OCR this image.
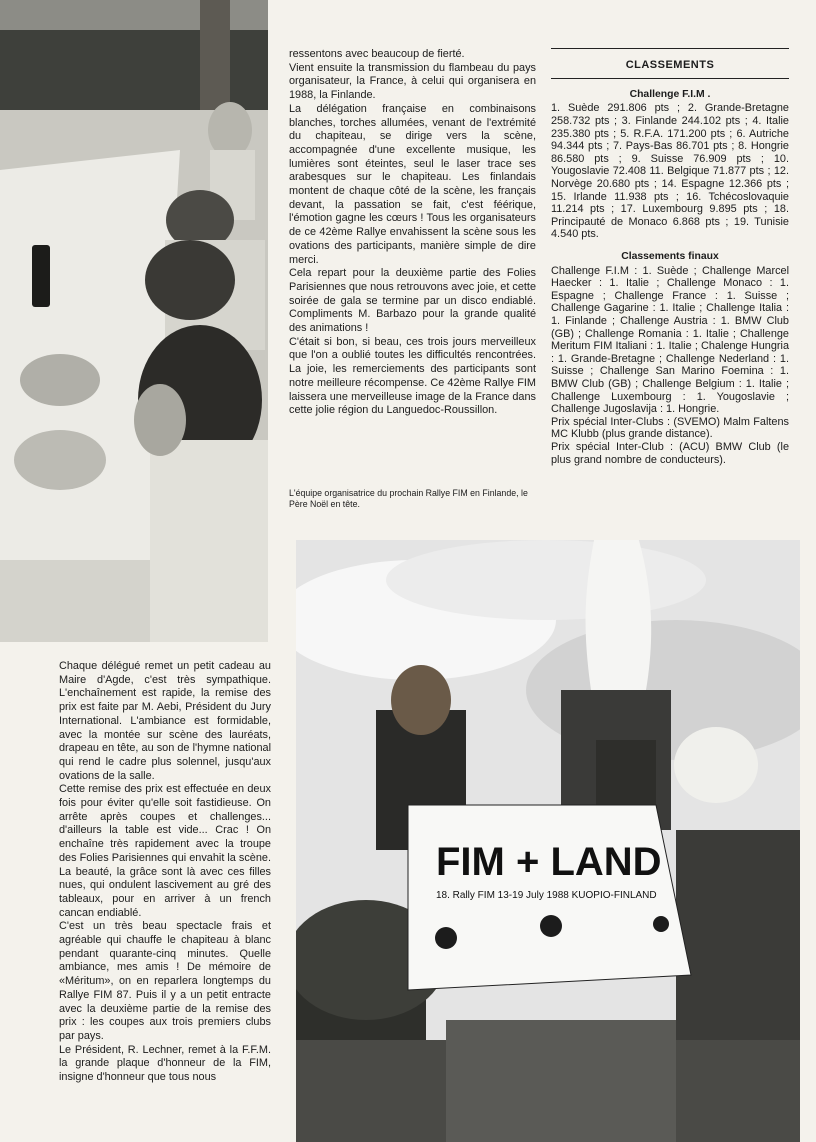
ressentons avec beaucoup de fierté.

Vient ensuite la transmission du flambeau du pays organisateur, la France, à celui qui organisera en 1988, la Finlande.

La délégation française en combinaisons blanches, torches allumées, venant de l'extrémité du chapiteau, se dirige vers la scène, accompagnée d'une excellente musique, les lumières sont éteintes, seul le laser trace ses arabesques sur le chapiteau. Les finlandais montent de chaque côté de la scène, les français devant, la passation se fait, c'est féérique, l'émotion gagne les cœurs ! Tous les organisateurs de ce 42ème Rallye envahissent la scène sous les ovations des participants, manière simple de dire merci.

Cela repart pour la deuxième partie des Folies Parisiennes que nous retrouvons avec joie, et cette soirée de gala se termine par un disco endiablé. Compliments M. Barbazo pour la grande qualité des animations !

C'était si bon, si beau, ces trois jours merveilleux que l'on a oublié toutes les difficultés rencontrées. La joie, les remerciements des participants sont notre meilleure récompense. Ce 42ème Rallye FIM laissera une merveilleuse image de la France dans cette jolie région du Languedoc-Roussillon.

L'équipe organisatrice du prochain Rallye FIM en Finlande, le Père Noël en tête.
CLASSEMENTS
Challenge F.I.M .

1. Suède 291.806 pts ; 2. Grande-Bretagne 258.732 pts ; 3. Finlande 244.102 pts ; 4. Italie 235.380 pts ; 5. R.F.A. 171.200 pts ; 6. Autriche 94.344 pts ; 7. Pays-Bas 86.701 pts ; 8. Hongrie 86.580 pts ; 9. Suisse 76.909 pts ; 10. Yougoslavie 72.408 11. Belgique 71.877 pts ; 12. Norvège 20.680 pts ; 14. Espagne 12.366 pts ; 15. Irlande 11.938 pts ; 16. Tchécoslovaquie 11.214 pts ; 17. Luxembourg 9.895 pts ; 18. Principauté de Monaco 6.868 pts ; 19. Tunisie 4.540 pts.

Classements finaux

Challenge F.I.M : 1. Suède ; Challenge Marcel Haecker : 1. Italie ; Challenge Monaco : 1. Espagne ; Challenge France : 1. Suisse ; Challenge Gagarine : 1. Italie ; Challenge Italia : 1. Finlande ; Challenge Austria : 1. BMW Club (GB) ; Challenge Romania : 1. Italie ; Challenge Meritum FIM Italiani : 1. Italie ; Chalenge Hungria : 1. Grande-Bretagne ; Challenge Nederland : 1. Suisse ; Challenge San Marino Foemina : 1. BMW Club (GB) ; Challenge Belgium : 1. Italie ; Challenge Luxembourg : 1. Yougoslavie ; Challenge Jugoslavija : 1. Hongrie.

Prix spécial Inter-Clubs : (SVEMO) Malm Faltens MC Klubb (plus grande distance).

Prix spécial Inter-Club : (ACU) BMW Club (le plus grand nombre de conducteurs).

Chaque délégué remet un petit cadeau au Maire d'Agde, c'est très sympathique. L'enchaînement est rapide, la remise des prix est faite par M. Aebi, Président du Jury International. L'ambiance est formidable, avec la montée sur scène des lauréats, drapeau en tête, au son de l'hymne national qui rend le cadre plus solennel, jusqu'aux ovations de la salle.

Cette remise des prix est effectuée en deux fois pour éviter qu'elle soit fastidieuse. On arrête après coupes et challenges... d'ailleurs la table est vide... Crac ! On enchaîne très rapidement avec la troupe des Folies Parisiennes qui envahit la scène. La beauté, la grâce sont là avec ces filles nues, qui ondulent lascivement au gré des tableaux, pour en arriver à un french cancan endiablé.

C'est un très beau spectacle frais et agréable qui chauffe le chapiteau à blanc pendant quarante-cinq minutes. Quelle ambiance, mes amis ! De mémoire de «Méritum», on en reparlera longtemps du Rallye FIM 87. Puis il y a un petit entracte avec la deuxième partie de la remise des prix : les coupes aux trois premiers clubs par pays.

Le Président, R. Lechner, remet à la F.F.M. la grande plaque d'honneur de la FIM, insigne d'honneur que tous nous

FIM + LAND
18. Rally FIM 13-19 July 1988 KUOPIO-FINLAND
